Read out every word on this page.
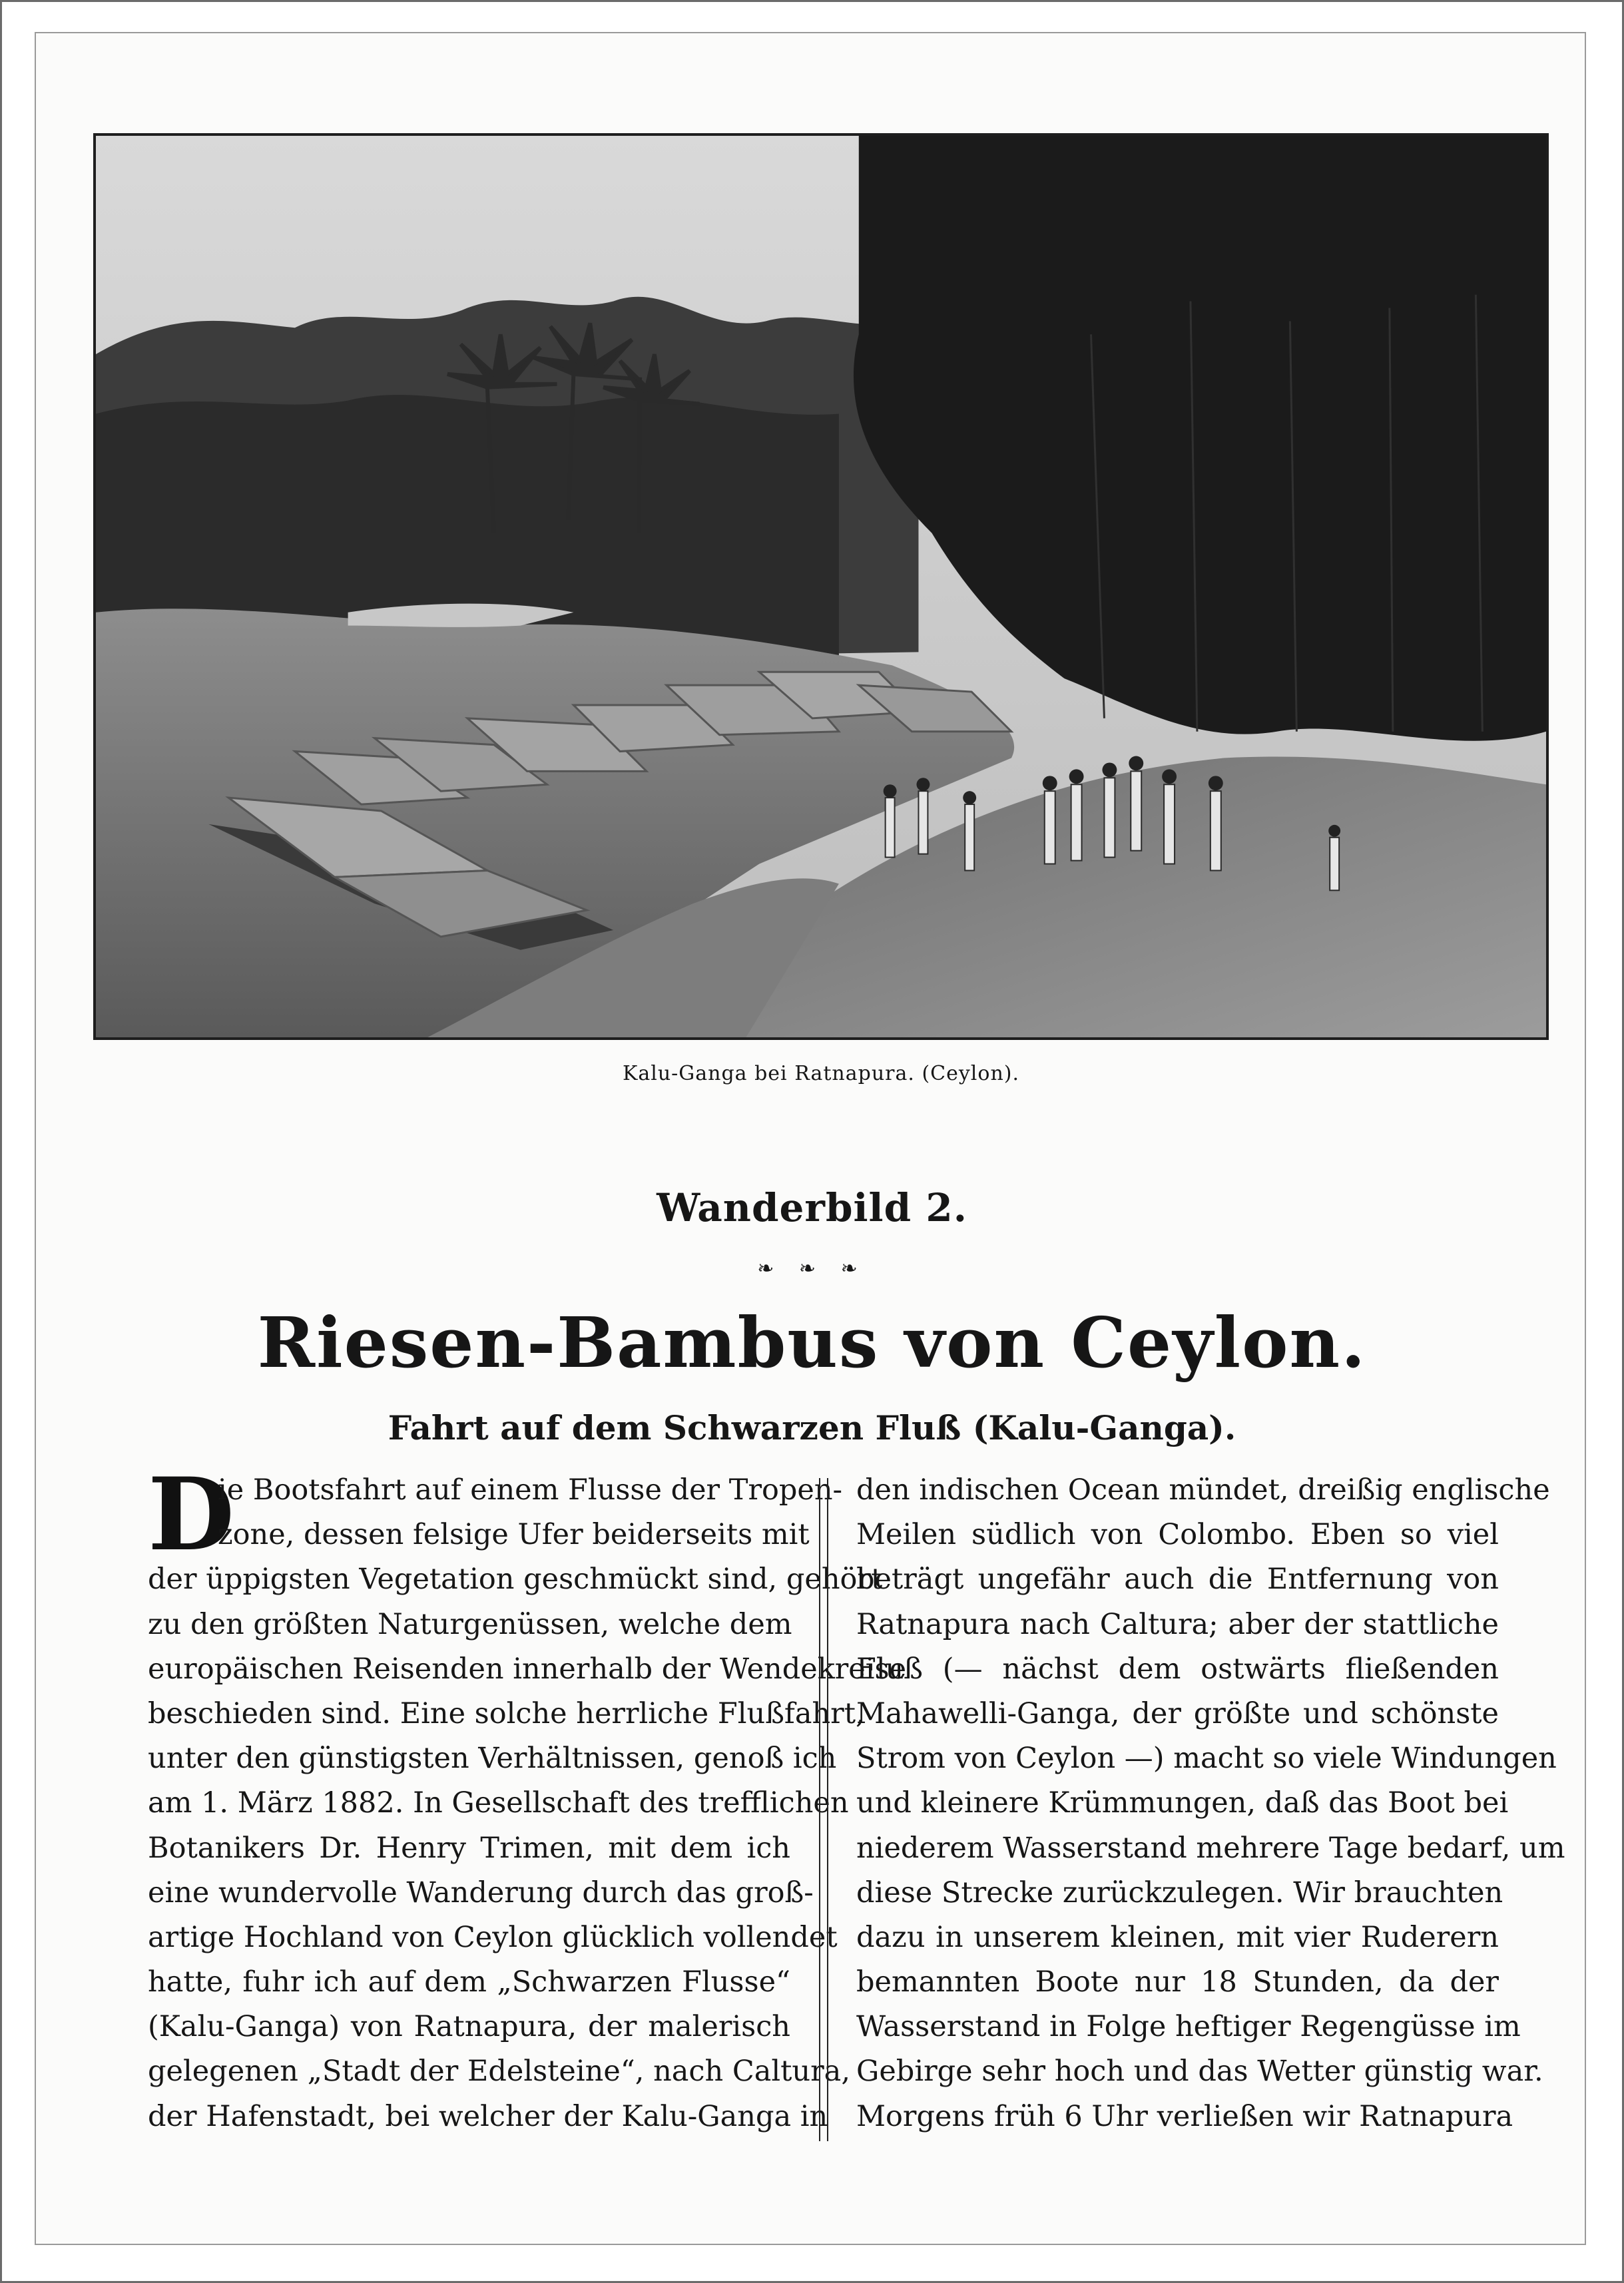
Kalu-Ganga bei Ratnapura. (Ceylon).
Wanderbild 2.
❧ ❧ ❧
Riesen-Bambus von Ceylon.
Fahrt auf dem Schwarzen Fluß (Kalu-Ganga).
D
ie Bootsfahrt auf einem Flusse der Tropen-
zone, dessen felsige Ufer beiderseits mit
der üppigsten Vegetation geschmückt sind, gehört
zu den größten Naturgenüssen, welche dem
europäischen Reisenden innerhalb der Wendekreise
beschieden sind. Eine solche herrliche Flußfahrt,
unter den günstigsten Verhältnissen, genoß ich
am 1. März 1882. In Gesellschaft des trefflichen
Botanikers Dr. Henry Trimen, mit dem ich
eine wundervolle Wanderung durch das groß-
artige Hochland von Ceylon glücklich vollendet
hatte, fuhr ich auf dem „Schwarzen Flusse“
(Kalu-Ganga) von Ratnapura, der malerisch
gelegenen „Stadt der Edelsteine“, nach Caltura,
der Hafenstadt, bei welcher der Kalu-Ganga in
den indischen Ocean mündet, dreißig englische
Meilen südlich von Colombo. Eben so viel
beträgt ungefähr auch die Entfernung von
Ratnapura nach Caltura; aber der stattliche
Fluß (— nächst dem ostwärts fließenden
Mahawelli-Ganga, der größte und schönste
Strom von Ceylon —) macht so viele Windungen
und kleinere Krümmungen, daß das Boot bei
niederem Wasserstand mehrere Tage bedarf, um
diese Strecke zurückzulegen. Wir brauchten
dazu in unserem kleinen, mit vier Ruderern
bemannten Boote nur 18 Stunden, da der
Wasserstand in Folge heftiger Regengüsse im
Gebirge sehr hoch und das Wetter günstig war.
Morgens früh 6 Uhr verließen wir Ratnapura
